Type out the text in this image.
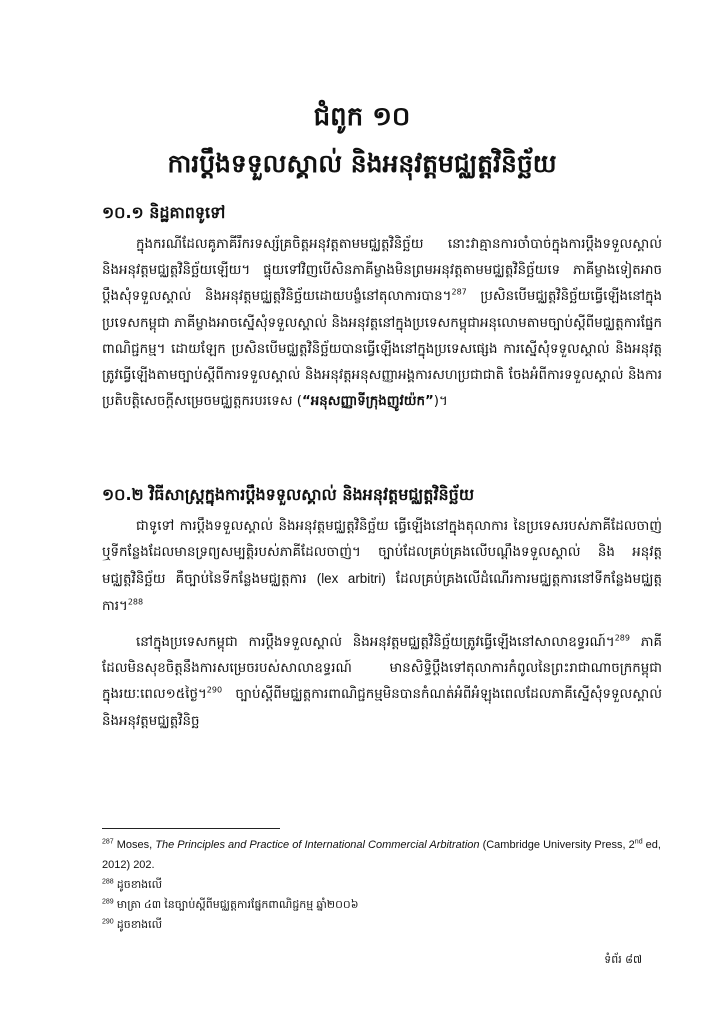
ជំពូក ១០
ការប្ដឹងទទួលស្គាល់ និងអនុវត្តមជ្ឈត្តវិនិច្ឆ័យ
១០.១ និដ្ឋគាពទូទៅ

ក្នុងករណីដែលគូភាគីរឹករទស្ស័គ្រចិត្តអនុវត្តតាមមជ្ឈត្តវិនិច្ឆ័យ នោះវាគ្មានការចាំបាច់ក្នុងការប្ដឹងទទួលស្គាល់ និងអនុវត្តមជ្ឈត្តវិនិច្ឆ័យឡើយ។ ផ្ទុយទៅវិញបើសិនភាគីម្ខាងមិនព្រមអនុវត្តតាមមជ្ឈត្តវិនិច្ឆ័យទេ ភាគីម្ខាងទៀតអាចប្ដឹងសុំទទួលស្គាល់ និងអនុវត្តមជ្ឈត្តវិនិច្ឆ័យដោយបង្ខំនៅតុលាការបាន។$^{287}$ ប្រសិនបើមជ្ឈត្តវិនិច្ឆ័យធ្វើឡើងនៅក្នុងប្រទេសកម្ពុជា ភាគីម្ខាងអាចស្នើសុំទទួលស្គាល់ និងអនុវត្តនៅក្នុងប្រទេសកម្ពុជាអនុលោមតាមច្បាប់ស្ដីពីមជ្ឈត្តការផ្នែកពាណិជ្ជកម្ម។ ដោយឡែក ប្រសិនបើមជ្ឈត្តវិនិច្ឆ័យបានធ្វើឡើងនៅក្នុងប្រទេសផ្សេង ការស្នើសុំទទួលស្គាល់ និងអនុវត្តត្រូវធ្វើឡើងតាមច្បាប់ស្ដីពីការទទួលស្គាល់ និងអនុវត្តអនុសញ្ញាអង្គការសហប្រជាជាតិ ចែងអំពីការទទួលស្គាល់ និងការប្រតិបត្តិសេចក្ដីសម្រេចមជ្ឈត្តករបរទេស (“អនុសញ្ញាទីក្រុងញូវយ៉ក”)។

១០.២ វិធីសាស្ត្រក្នុងការប្ដឹងទទួលស្គាល់ និងអនុវត្តមជ្ឈត្តវិនិច្ឆ័យ

ជាទូទៅ ការប្ដឹងទទួលស្គាល់ និងអនុវត្តមជ្ឈត្តវិនិច្ឆ័យ ធ្វើឡើងនៅក្នុងតុលាការ នៃប្រទេសរបស់ភាគីដែលចាញ់ ឬទីកន្លែងដែលមានទ្រព្យសម្បត្តិរបស់ភាគីដែលចាញ់។ ច្បាប់ដែលគ្រប់គ្រងលើបណ្ដឹងទទួលស្គាល់ និង អនុវត្តមជ្ឈត្តវិនិច្ឆ័យ គឺច្បាប់នៃទីកន្លែងមជ្ឈត្តការ (lex arbitri) ដែលគ្រប់គ្រងលើដំណើរការមជ្ឈត្តការនៅទីកន្លែងមជ្ឈត្តការ។$^{288}$

នៅក្នុងប្រទេសកម្ពុជា ការប្ដឹងទទួលស្គាល់ និងអនុវត្តមជ្ឈត្តវិនិច្ឆ័យត្រូវធ្វើឡើងនៅសាលាឧទ្ធរណ៍។$^{289}$ ភាគីដែលមិនសុខចិត្តនឹងការសម្រេចរបស់សាលាឧទ្ធរណ៍ មានសិទ្ធិប្ដឹងទៅតុលាការកំពូលនៃព្រះរាជាណាចក្រកម្ពុជាក្នុងរយៈពេល១៥ថ្ងៃ។$^{290}$ ច្បាប់ស្ដីពីមជ្ឈត្តការពាណិជ្ជកម្មមិនបានកំណត់អំពីអំឡុងពេលដែលភាគីស្នើសុំទទួលស្គាល់ និងអនុវត្តមជ្ឈត្តវិនិច្ឆ

$^{287}$ Moses, The Principles and Practice of International Commercial Arbitration (Cambridge University Press, 2nd ed, 2012) 202.

$^{288}$ ដូចខាងលើ

$^{289}$ មាត្រា ៤៣ នៃច្បាប់ស្ដីពីមជ្ឈត្តការផ្នែកពាណិជ្ជកម្ម ឆ្នាំ២០០៦

$^{290}$ ដូចខាងលើ

ទំព័រ ៨៧
